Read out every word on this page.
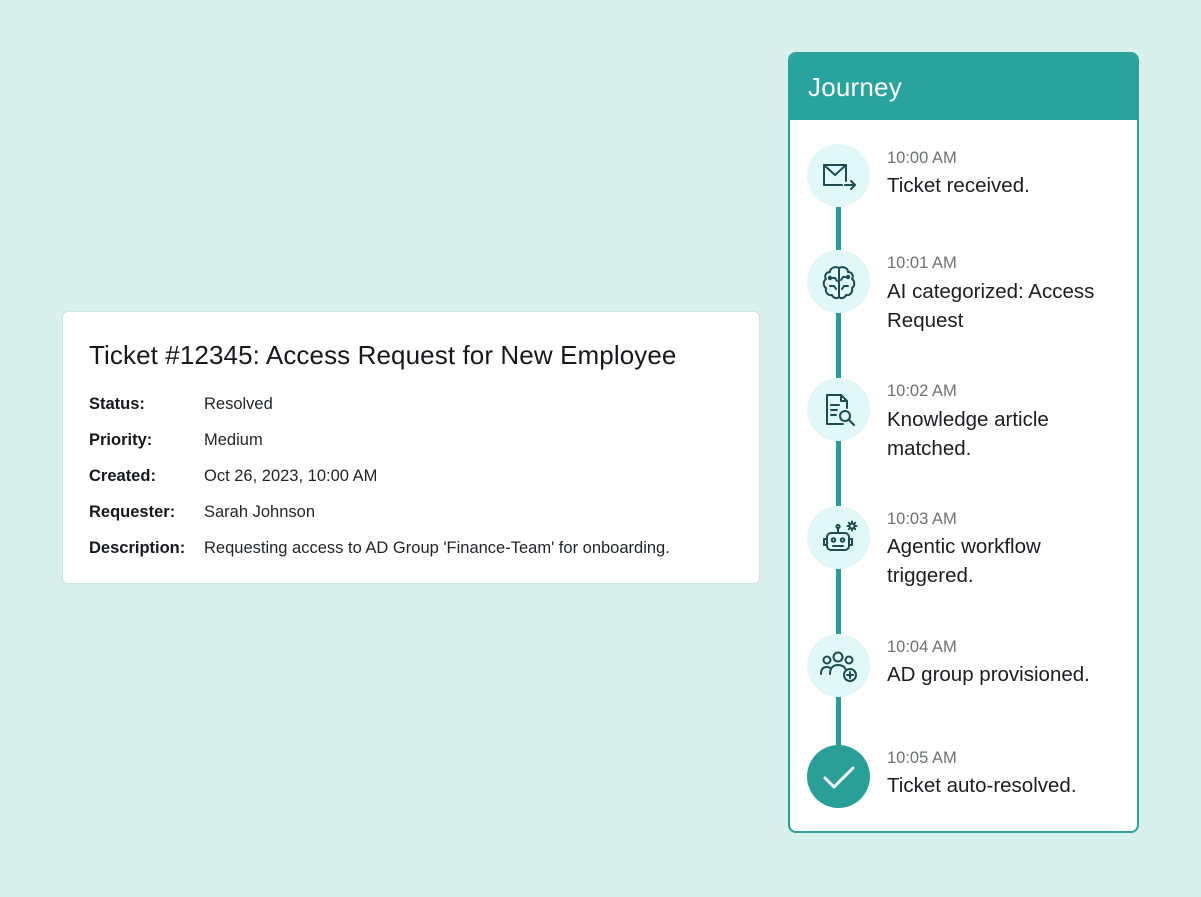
Ticket #12345: Access Request for New Employee
Status:	Resolved
Priority:	Medium
Created:	Oct 26, 2023, 10:00 AM
Requester:	Sarah Johnson
Description:	Requesting access to AD Group 'Finance-Team' for onboarding.
Journey
10:00 AM
Ticket received.
10:01 AM
AI categorized: Access Request
10:02 AM
Knowledge article matched.
10:03 AM
Agentic workflow triggered.
10:04 AM
AD group provisioned.
10:05 AM
Ticket auto-resolved.
